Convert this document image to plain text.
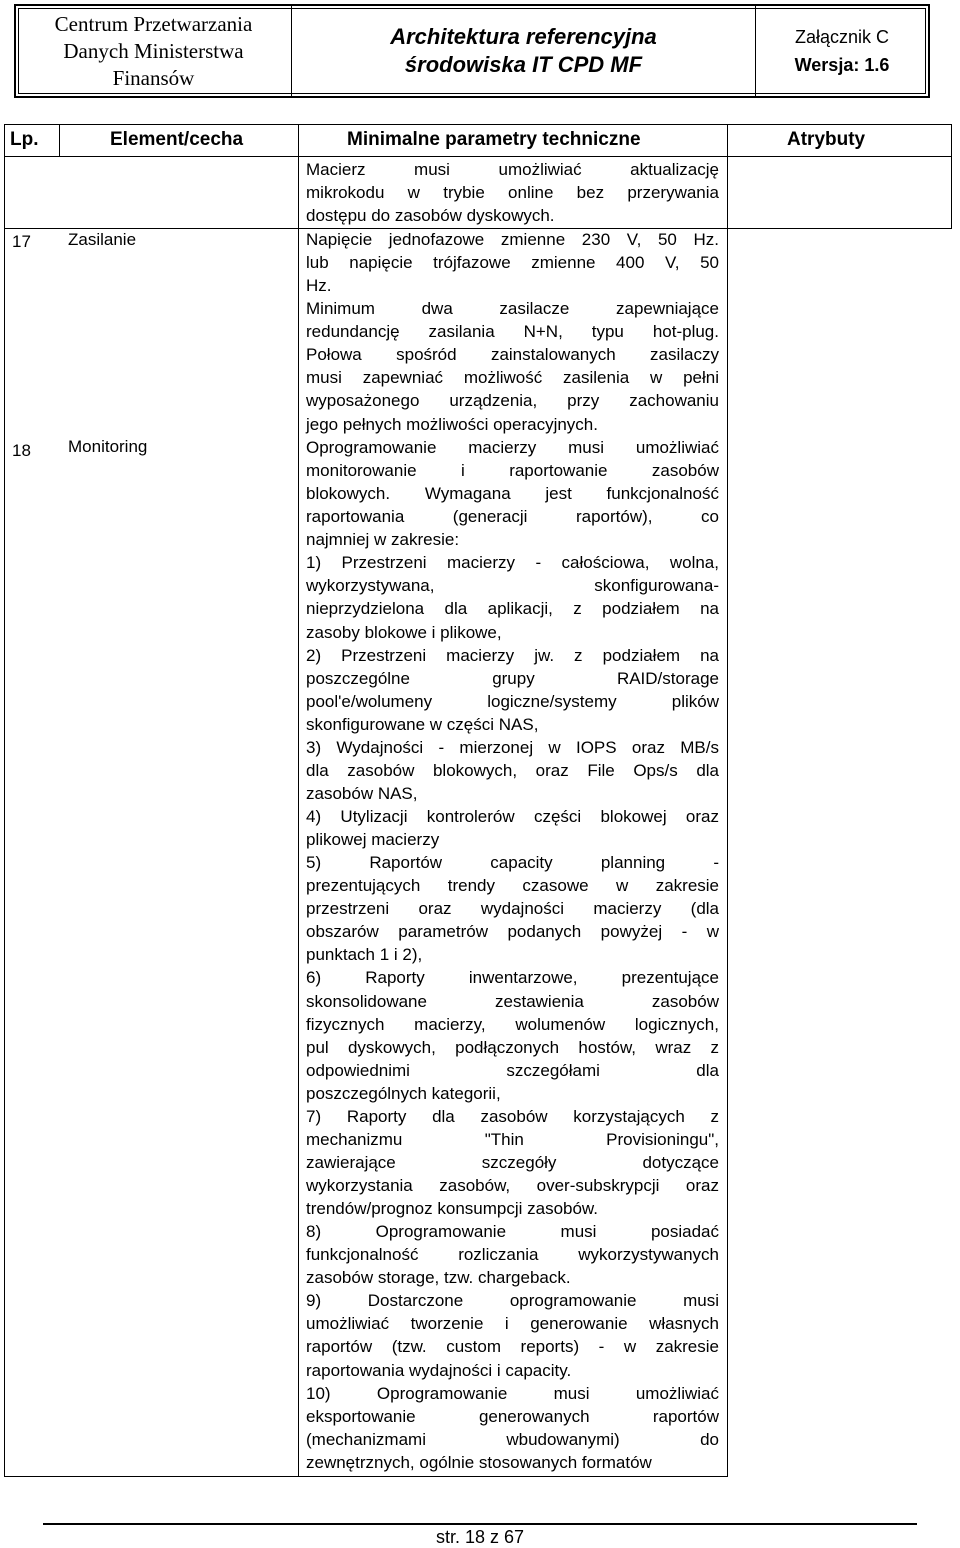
Centrum Przetwarzania
Danych Ministerstwa
Finansów
Architektura referencyjna
środowiska IT CPD MF
Załącznik C
Wersja: 1.6
Lp.	Element/cecha	Minimalne parametry techniczne	Atrybuty
Macierz musi umożliwiać aktualizację
mikrokodu w trybie online bez przerywania
dostępu do zasobów dyskowych.
17 Zasilanie	Napięcie jednofazowe zmienne 230 V, 50 Hz.
lub napięcie trójfazowe zmienne 400 V, 50
Hz.
Minimum dwa zasilacze zapewniające
redundancję zasilania N+N, typu hot-plug.
Połowa spośród zainstalowanych zasilaczy
musi zapewniać możliwość zasilenia w pełni
wyposażonego urządzenia, przy zachowaniu
jego pełnych możliwości operacyjnych.
18 Monitoring	Oprogramowanie macierzy musi umożliwiać
monitorowanie i raportowanie zasobów
blokowych. Wymagana jest funkcjonalność
raportowania (generacji raportów), co
najmniej w zakresie:
1) Przestrzeni macierzy - całościowa, wolna,
wykorzystywana, skonfigurowana-
nieprzydzielona dla aplikacji, z podziałem na
zasoby blokowe i plikowe,
2) Przestrzeni macierzy jw. z podziałem na
poszczególne grupy RAID/storage
pool'e/wolumeny logiczne/systemy plików
skonfigurowane w części NAS,
3) Wydajności - mierzonej w IOPS oraz MB/s
dla zasobów blokowych, oraz File Ops/s dla
zasobów NAS,
4) Utylizacji kontrolerów części blokowej oraz
plikowej macierzy
5) Raportów capacity planning -
prezentujących trendy czasowe w zakresie
przestrzeni oraz wydajności macierzy (dla
obszarów parametrów podanych powyżej - w
punktach 1 i 2),
6) Raporty inwentarzowe, prezentujące
skonsolidowane zestawienia zasobów
fizycznych macierzy, wolumenów logicznych,
pul dyskowych, podłączonych hostów, wraz z
odpowiednimi szczegółami dla
poszczególnych kategorii,
7) Raporty dla zasobów korzystających z
mechanizmu "Thin Provisioningu",
zawierające szczegóły dotyczące
wykorzystania zasobów, over-subskrypcji oraz
trendów/prognoz konsumpcji zasobów.
8) Oprogramowanie musi posiadać
funkcjonalność rozliczania wykorzystywanych
zasobów storage, tzw. chargeback.
9) Dostarczone oprogramowanie musi
umożliwiać tworzenie i generowanie własnych
raportów (tzw. custom reports) - w zakresie
raportowania wydajności i capacity.
10) Oprogramowanie musi umożliwiać
eksportowanie generowanych raportów
(mechanizmami wbudowanymi) do
zewnętrznych, ogólnie stosowanych formatów
str. 18 z 67
